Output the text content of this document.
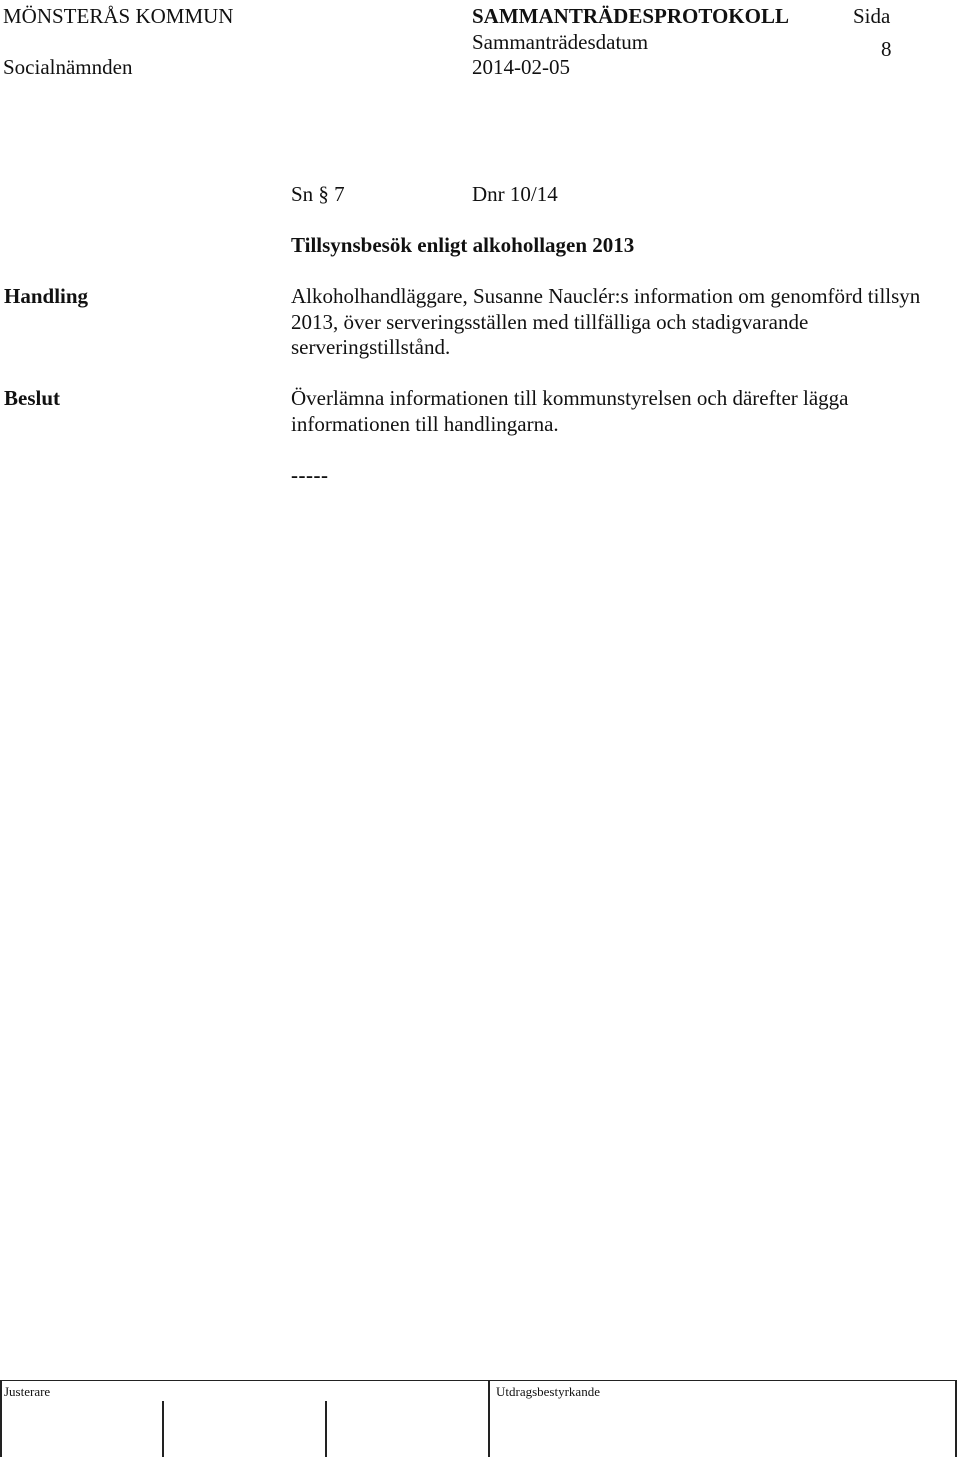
MÖNSTERÅS KOMMUN
Socialnämnden
SAMMANTRÄDESPROTOKOLL
Sammanträdesdatum
2014-02-05
Sida
8
Sn § 7	Dnr 10/14
Tillsynsbesök enligt alkohollagen 2013
Handling	Alkoholhandläggare, Susanne Nauclér:s information om genomförd tillsyn 2013, över serveringsställen med tillfälliga och stadigvarande serveringstillstånd.

Beslut	Överlämna informationen till kommunstyrelsen och därefter lägga informationen till handlingarna.

-----
Justerare	Utdragsbestyrkande
